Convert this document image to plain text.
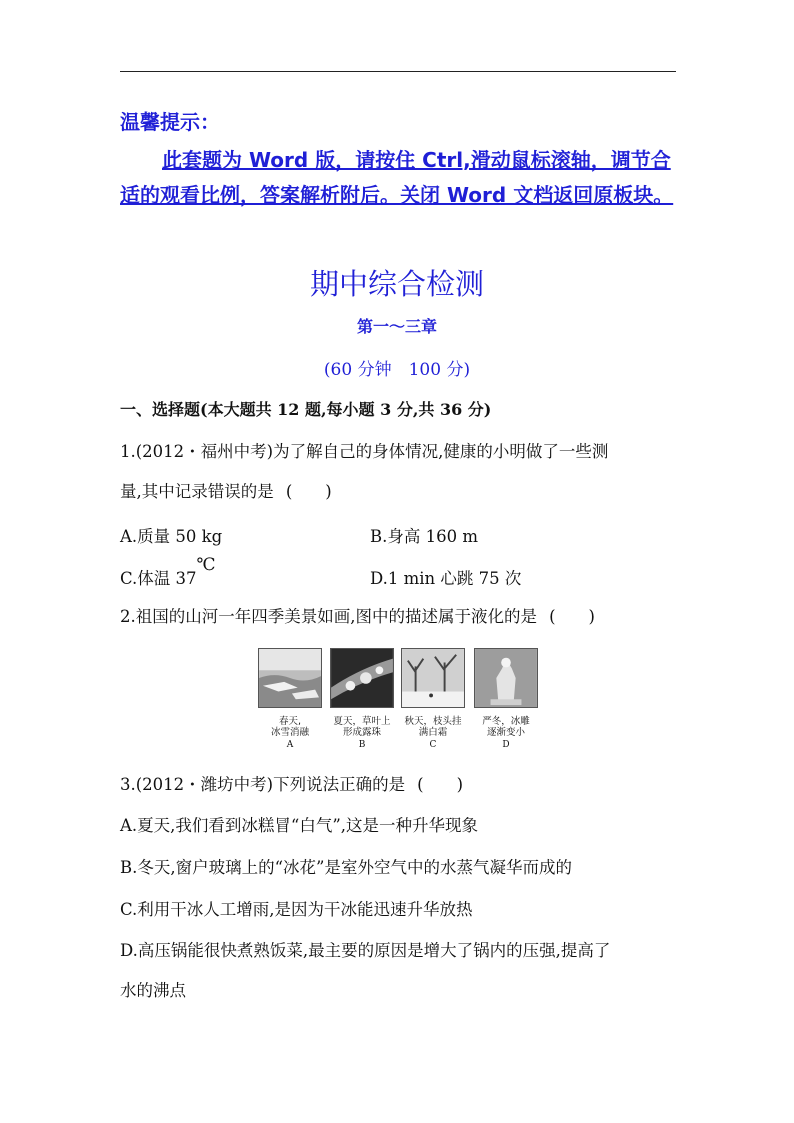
温馨提示：
此套题为 Word 版，请按住 Ctrl,滑动鼠标滚轴，调节合适的观看比例，答案解析附后。关闭 Word 文档返回原板块。
期中综合检测
第一～三章
(60 分钟　100 分)
一、选择题(本大题共 12 题,每小题 3 分,共 36 分)
1.(2012・福州中考)为了解自己的身体情况,健康的小明做了一些测
量,其中记录错误的是 (　　)
A.质量 50 kg	B.身高 160 m
C.体温 37℃
D.1 min 心跳 75 次
2.祖国的山河一年四季美景如画,图中的描述属于液化的是 (　　)
春天,
冰雪消融
A
夏天，草叶上
形成露珠
B
秋天，枝头挂
满白霜
C
严冬，冰雕
逐渐变小
D
3.(2012・潍坊中考)下列说法正确的是 (　　)
A.夏天,我们看到冰糕冒“白气”,这是一种升华现象
B.冬天,窗户玻璃上的“冰花”是室外空气中的水蒸气凝华而成的
C.利用干冰人工增雨,是因为干冰能迅速升华放热
D.高压锅能很快煮熟饭菜,最主要的原因是增大了锅内的压强,提高了
水的沸点
